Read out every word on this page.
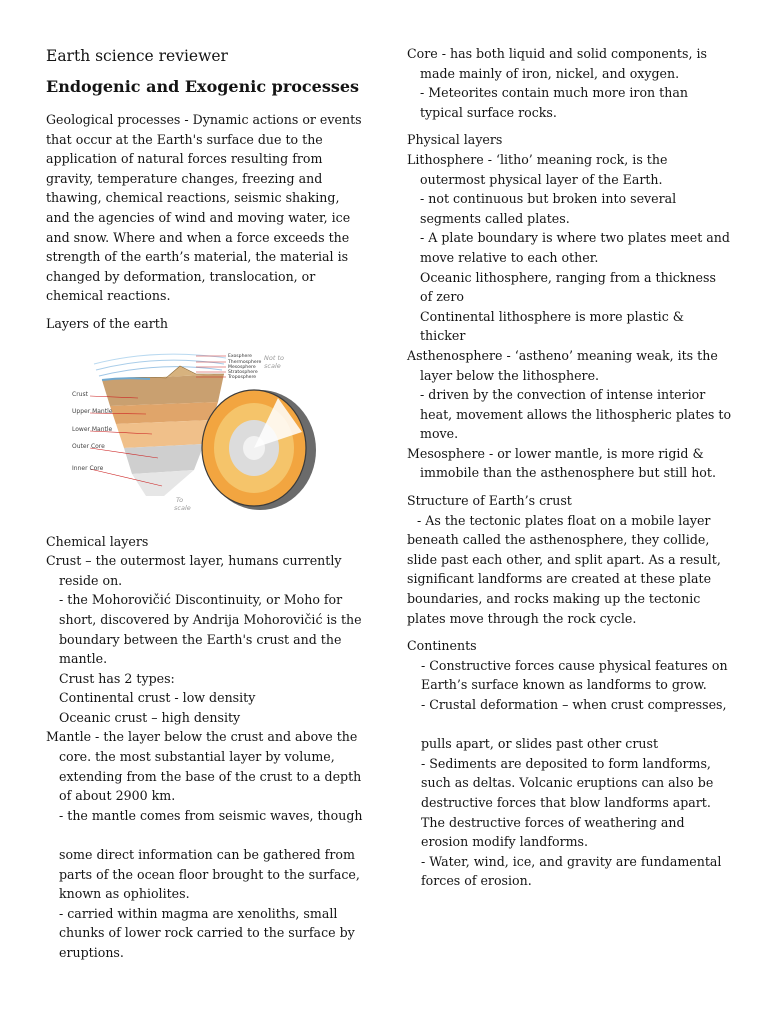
Earth science reviewer
Endogenic and Exogenic processes

Geological processes - Dynamic actions or events that occur at the Earth's surface due to the application of natural forces resulting from gravity, temperature changes, freezing and thawing, chemical reactions, seismic shaking, and the agencies of wind and moving water, ice and snow. Where and when a force exceeds the strength of the earth’s material, the material is changed by deformation, translocation, or chemical reactions.

Layers of the earth

Crust
Upper Mantle
Lower Mantle
Outer Core
Inner Core
Exosphere
Thermosphere
Mesosphere
Stratosphere
Troposphere
Not to
scale
To
scale

Chemical layers

Crust – the outermost layer, humans currently reside on.

- the Mohorovičić Discontinuity, or Moho for short, discovered by Andrija Mohorovičić is the boundary between the Earth's crust and the mantle.

Crust has 2 types:

Continental crust - low density

Oceanic crust – high density

Mantle - the layer below the crust and above the core. the most substantial layer by volume, extending from the base of the crust to a depth of about 2900 km.

- the mantle comes from seismic waves, though

some direct information can be gathered from parts of the ocean floor brought to the surface, known as ophiolites.

- carried within magma are xenoliths, small chunks of lower rock carried to the surface by eruptions.

Core - has both liquid and solid components, is made mainly of iron, nickel, and oxygen.

- Meteorites contain much more iron than typical surface rocks.

Physical layers

Lithosphere - ‘litho’ meaning rock, is the outermost physical layer of the Earth.

- not continuous but broken into several segments called plates.

- A plate boundary is where two plates meet and move relative to each other.

Oceanic lithosphere, ranging from a thickness of zero

Continental lithosphere is more plastic & thicker

Asthenosphere - ‘astheno’ meaning weak, its the layer below the lithosphere.

- driven by the convection of intense interior heat, movement allows the lithospheric plates to move.

Mesosphere - or lower mantle, is more rigid & immobile than the asthenosphere but still hot.

Structure of Earth’s crust

- As the tectonic plates float on a mobile layer beneath called the asthenosphere, they collide, slide past each other, and split apart. As a result, significant landforms are created at these plate boundaries, and rocks making up the tectonic plates move through the rock cycle.

Continents

- Constructive forces cause physical features on Earth’s surface known as landforms to grow.

- Crustal deformation – when crust compresses,

pulls apart, or slides past other crust

- Sediments are deposited to form landforms, such as deltas. Volcanic eruptions can also be destructive forces that blow landforms apart. The destructive forces of weathering and erosion modify landforms.

- Water, wind, ice, and gravity are fundamental forces of erosion.
